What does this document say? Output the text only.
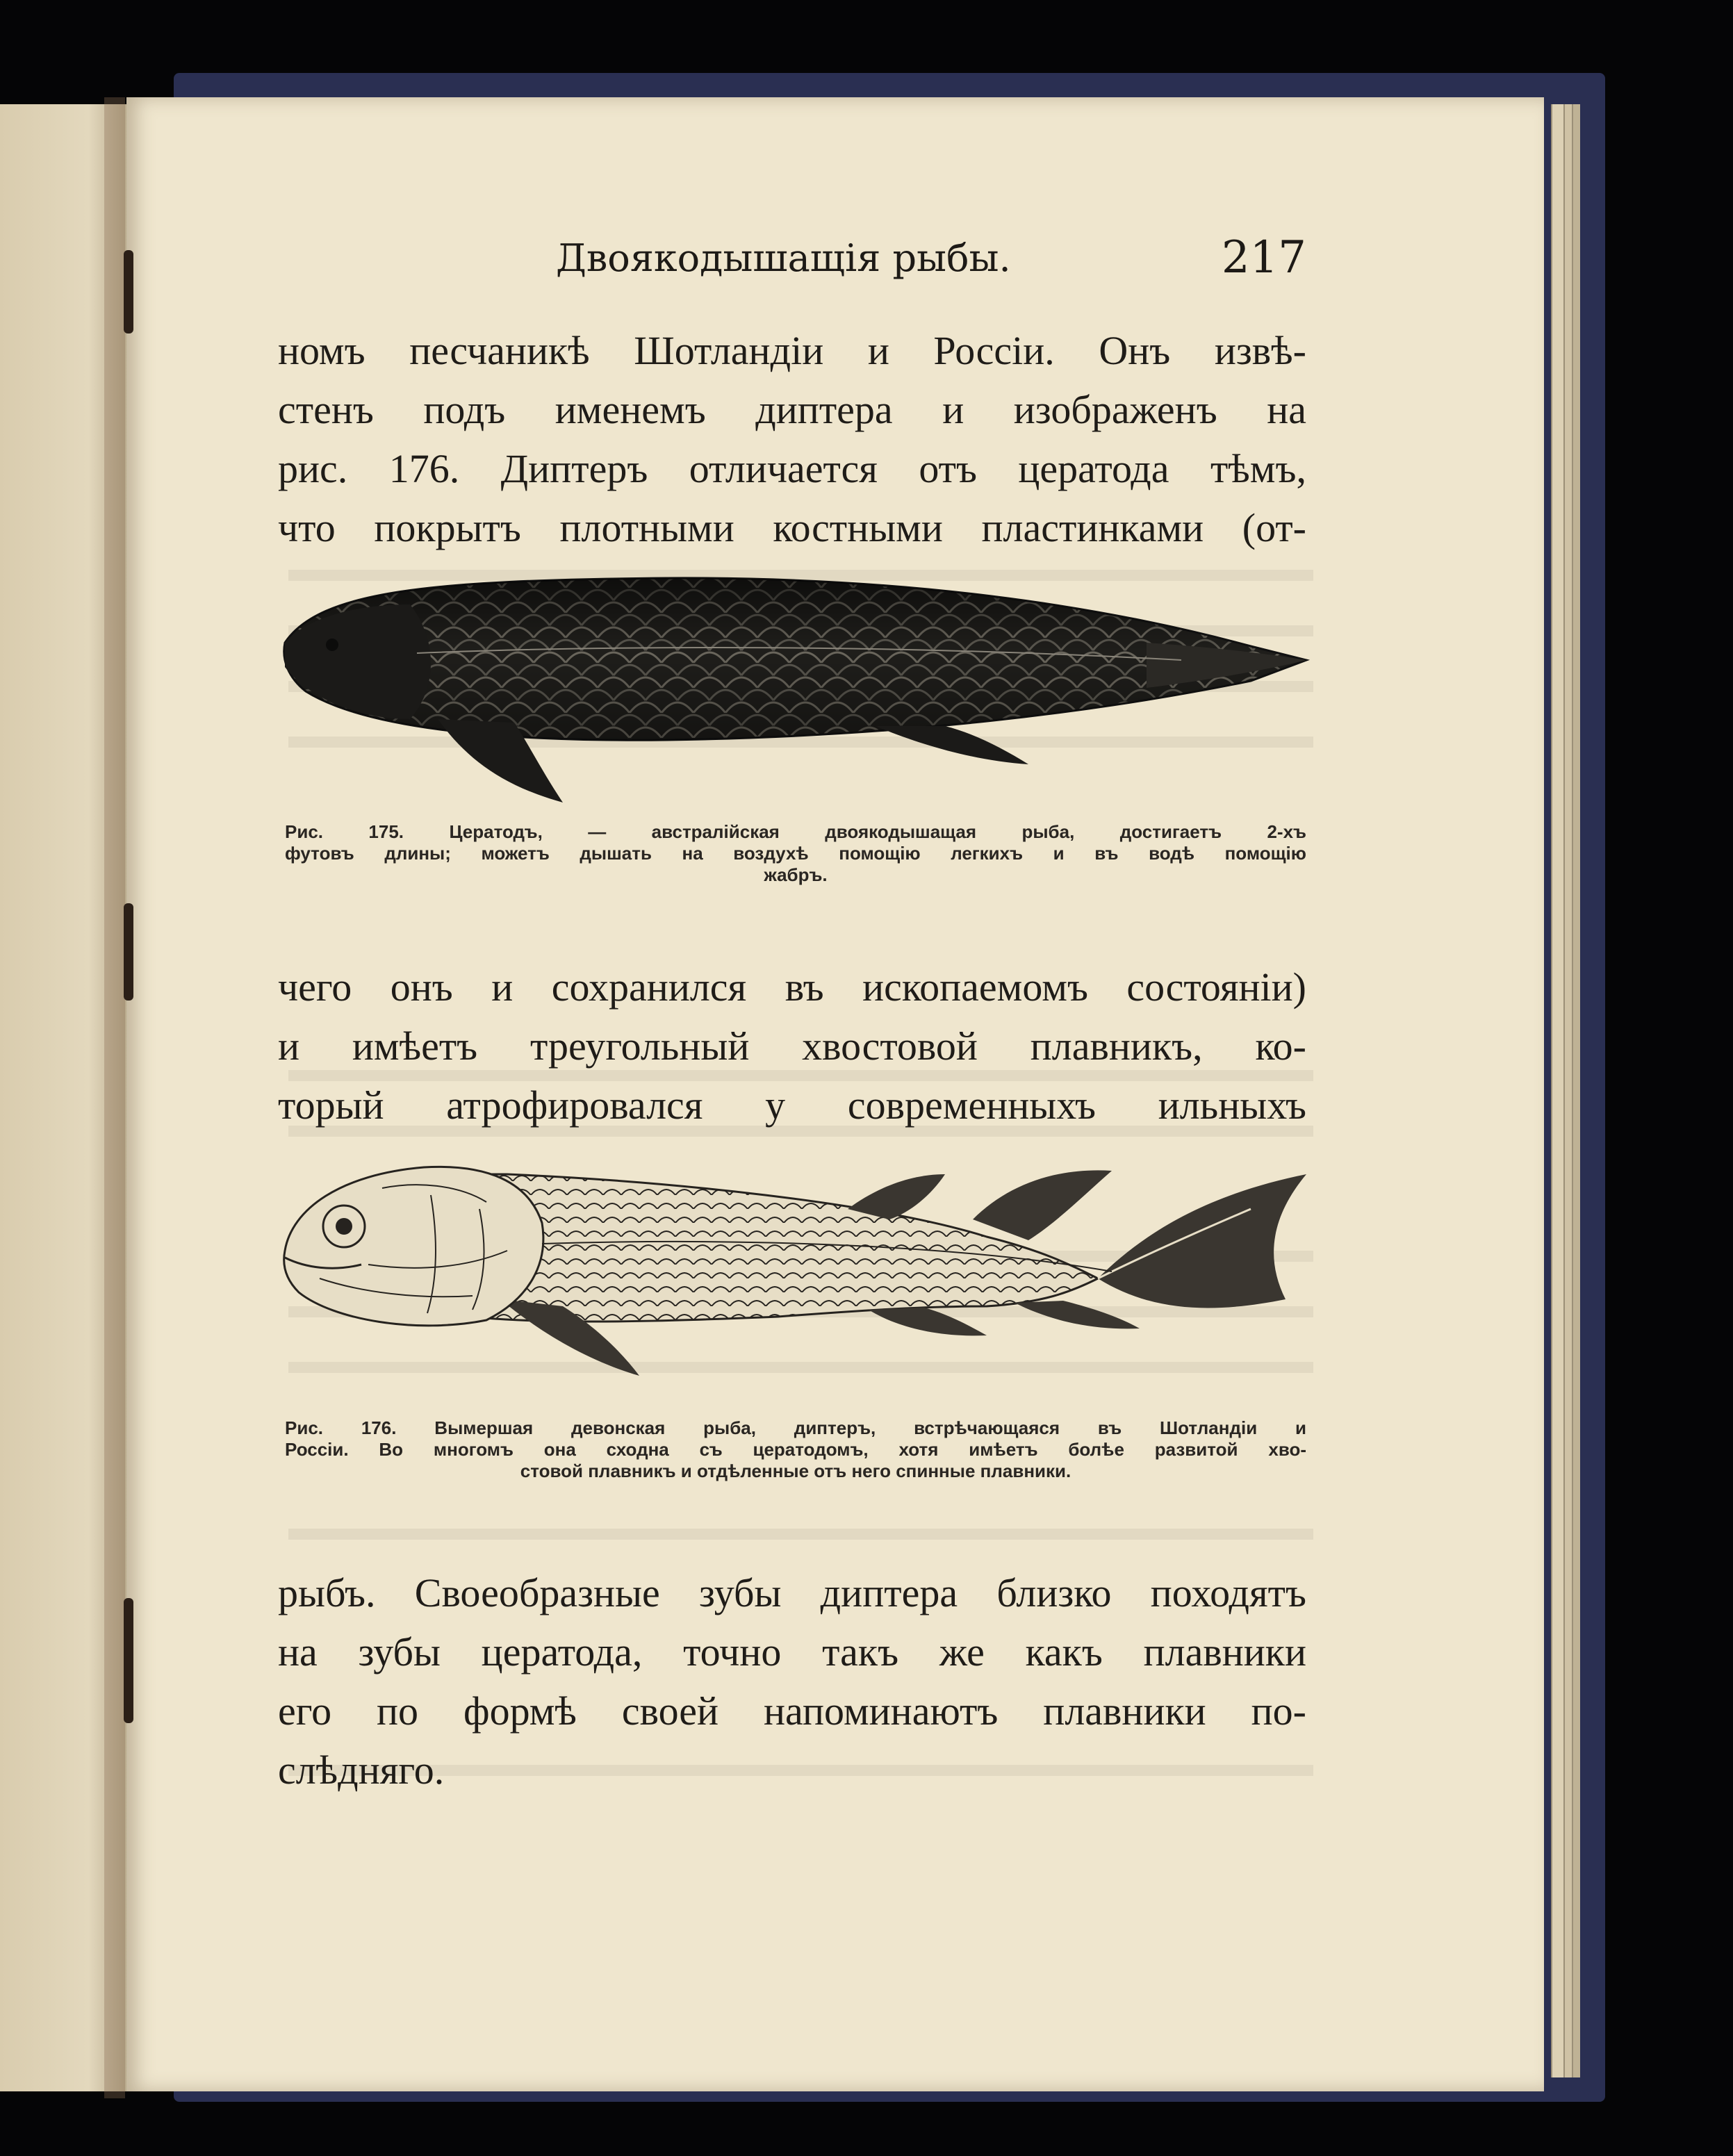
Двоякодышащія рыбы.	217
номъ песчаникѣ Шотландіи и Россіи. Онъ извѣ-
стенъ подъ именемъ диптера и изображенъ на
рис. 176. Диптеръ отличается отъ цератода тѣмъ,
что покрытъ плотными костными пластинками (от-
Рис. 175. Цератодъ, — австралійская двоякодышащая рыба, достигаетъ 2-хъ
футовъ длины; можетъ дышать на воздухѣ помощію легкихъ и въ водѣ помощію
жабръ.
чего онъ и сохранился въ ископаемомъ состояніи)
и имѣетъ треугольный хвостовой плавникъ, ко-
торый атрофировался у современныхъ ильныхъ
Рис. 176. Вымершая девонская рыба, диптеръ, встрѣчающаяся въ Шотландіи и
Россіи. Во многомъ она сходна съ цератодомъ, хотя имѣетъ болѣе развитой хво-
стовой плавникъ и отдѣленные отъ него спинные плавники.
рыбъ. Своеобразные зубы диптера близко походятъ
на зубы цератода, точно такъ же какъ плавники
его по формѣ своей напоминаютъ плавники по-
слѣдняго.
